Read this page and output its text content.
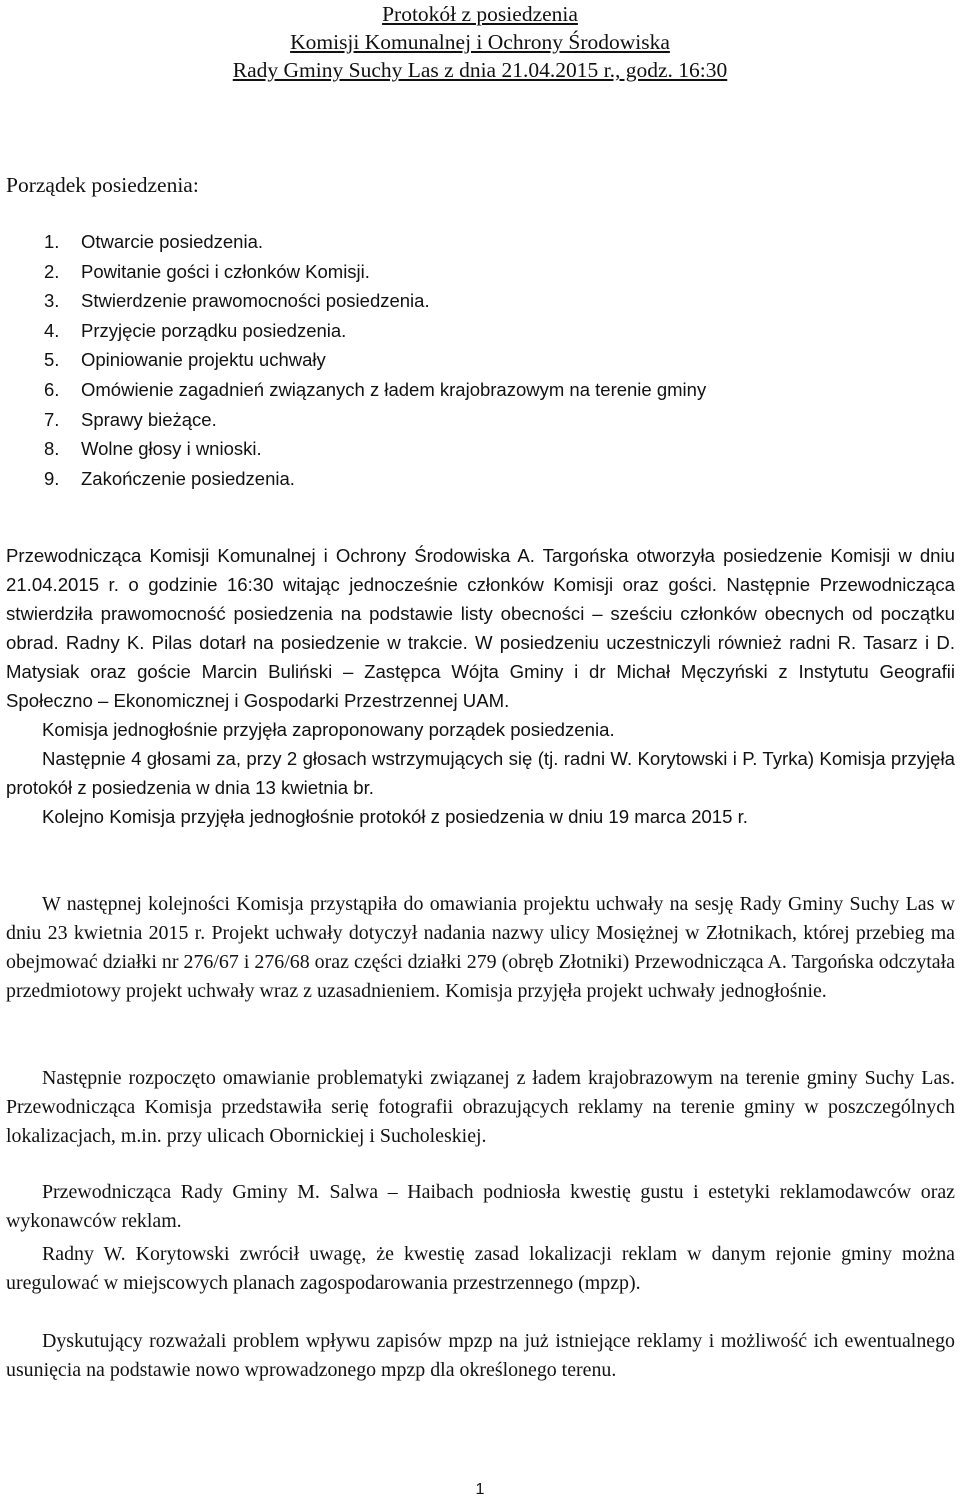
Protokół z posiedzenia
Komisji Komunalnej i Ochrony Środowiska
Rady Gminy Suchy Las z dnia 21.04.2015 r., godz. 16:30
Porządek posiedzenia:
1. Otwarcie posiedzenia.
2. Powitanie gości i członków Komisji.
3. Stwierdzenie prawomocności posiedzenia.
4. Przyjęcie porządku posiedzenia.
5. Opiniowanie projektu uchwały
6. Omówienie zagadnień związanych z ładem krajobrazowym na terenie gminy
7. Sprawy bieżące.
8. Wolne głosy i wnioski.
9. Zakończenie posiedzenia.
Przewodnicząca Komisji Komunalnej i Ochrony Środowiska A. Targońska otworzyła posiedzenie Komisji w dniu 21.04.2015 r. o godzinie 16:30 witając jednocześnie członków Komisji oraz gości. Następnie Przewodnicząca stwierdziła prawomocność posiedzenia na podstawie listy obecności – sześciu członków obecnych od początku obrad. Radny K. Pilas dotarł na posiedzenie w trakcie. W posiedzeniu uczestniczyli również radni R. Tasarz i D. Matysiak oraz goście Marcin Buliński – Zastępca Wójta Gminy i dr Michał Męczyński z Instytutu Geografii Społeczno – Ekonomicznej i Gospodarki Przestrzennej UAM.
Komisja jednogłośnie przyjęła zaproponowany porządek posiedzenia.
Następnie 4 głosami za, przy 2 głosach wstrzymujących się (tj. radni W. Korytowski i P. Tyrka) Komisja przyjęła protokół z posiedzenia w dnia 13 kwietnia br.
Kolejno Komisja przyjęła jednogłośnie protokół z posiedzenia w dniu 19 marca 2015 r.

W następnej kolejności Komisja przystąpiła do omawiania projektu uchwały na sesję Rady Gminy Suchy Las w dniu 23 kwietnia 2015 r. Projekt uchwały dotyczył nadania nazwy ulicy Mosiężnej w Złotnikach, której przebieg ma obejmować działki nr 276/67 i 276/68 oraz części działki 279 (obręb Złotniki) Przewodnicząca A. Targońska odczytała przedmiotowy projekt uchwały wraz z uzasadnieniem. Komisja przyjęła projekt uchwały jednogłośnie.

Następnie rozpoczęto omawianie problematyki związanej z ładem krajobrazowym na terenie gminy Suchy Las. Przewodnicząca Komisja przedstawiła serię fotografii obrazujących reklamy na terenie gminy w poszczególnych lokalizacjach, m.in. przy ulicach Obornickiej i Sucholeskiej.

Przewodnicząca Rady Gminy M. Salwa – Haibach podniosła kwestię gustu i estetyki reklamodawców oraz wykonawców reklam.

Radny W. Korytowski zwrócił uwagę, że kwestię zasad lokalizacji reklam w danym rejonie gminy można uregulować w miejscowych planach zagospodarowania przestrzennego (mpzp).

Dyskutujący rozważali problem wpływu zapisów mpzp na już istniejące reklamy i możliwość ich ewentualnego usunięcia na podstawie nowo wprowadzonego mpzp dla określonego terenu.

1
